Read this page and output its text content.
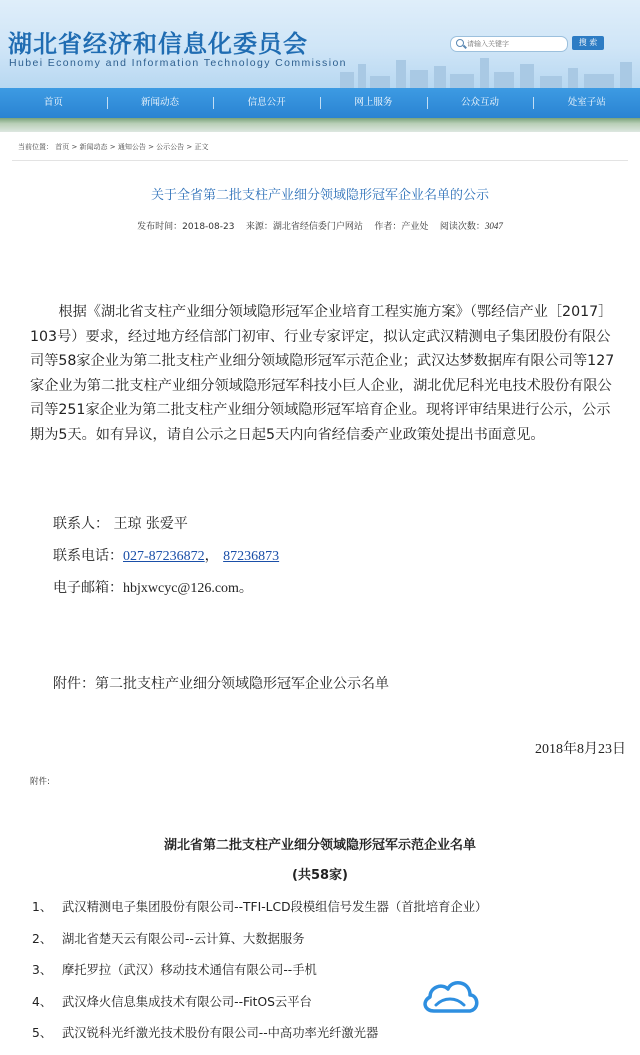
湖北省经济和信息化委员会
Hubei Economy and Information Technology Commission
请输入关键字
搜 索
首页	新闻动态	信息公开	网上服务	公众互动	处室子站
当前位置： 首页 > 新闻动态 > 通知公告 > 公示公告 > 正文
关于全省第二批支柱产业细分领域隐形冠军企业名单的公示
发布时间：2018-08-23 来源：湖北省经信委门户网站 作者：产业处 阅读次数：3047
根据《湖北省支柱产业细分领域隐形冠军企业培育工程实施方案》（鄂经信产业［2017］103号）要求，经过地方经信部门初审、行业专家评定，拟认定武汉精测电子集团股份有限公司等58家企业为第二批支柱产业细分领域隐形冠军示范企业；武汉达梦数据库有限公司等127家企业为第二批支柱产业细分领域隐形冠军科技小巨人企业，湖北优尼科光电技术股份有限公司等251家企业为第二批支柱产业细分领域隐形冠军培育企业。现将评审结果进行公示，公示期为5天。如有异议，请自公示之日起5天内向省经信委产业政策处提出书面意见。
联系人： 王琼 张爱平
联系电话：027-87236872， 87236873
电子邮箱：hbjxwcyc@126.com。
附件：第二批支柱产业细分领域隐形冠军企业公示名单
2018年8月23日
附件:
湖北省第二批支柱产业细分领域隐形冠军示范企业名单
(共58家)
1、 武汉精测电子集团股份有限公司--TFI-LCD段模组信号发生器（首批培育企业）
2、 湖北省楚天云有限公司--云计算、大数据服务
3、 摩托罗拉（武汉）移动技术通信有限公司--手机
4、 武汉烽火信息集成技术有限公司--FitOS云平台
5、 武汉锐科光纤激光技术股份有限公司--中高功率光纤激光器
